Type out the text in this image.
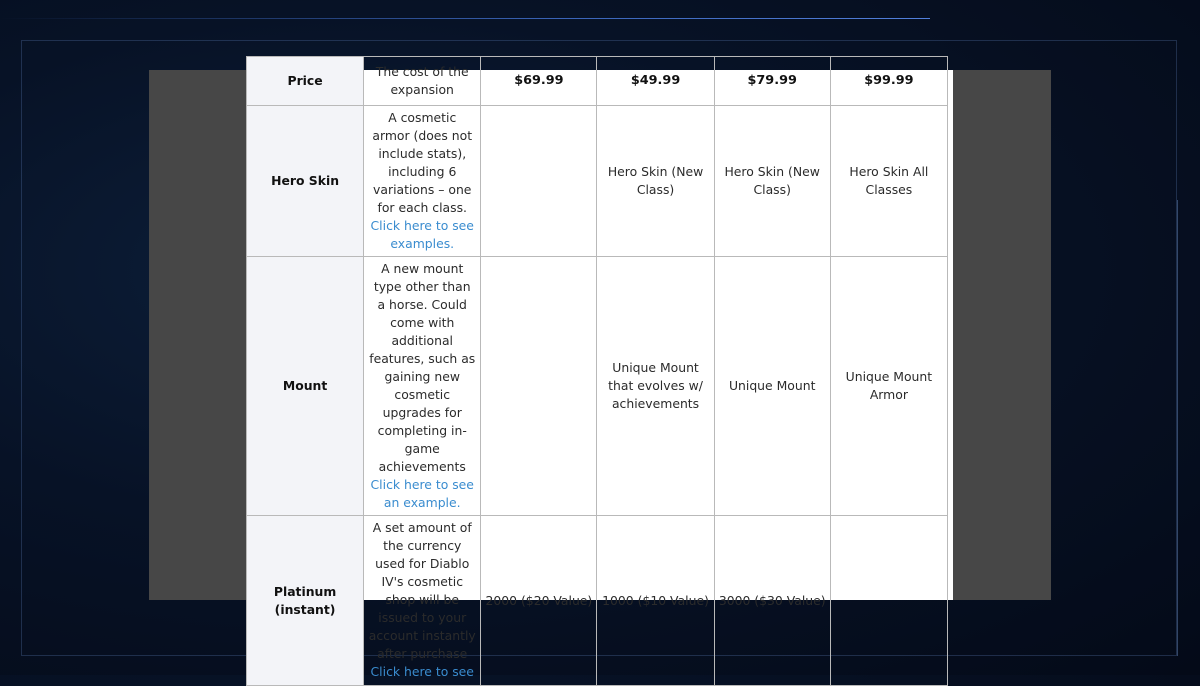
Price	The cost of the expansion	$69.99	$49.99	$79.99	$99.99
Hero Skin	A cosmetic armor (does not include stats), including 6 variations – one for each class.
Click here to see examples.		Hero Skin (New Class)	Hero Skin (New Class)	Hero Skin All Classes
Mount	A new mount type other than a horse. Could come with additional features, such as gaining new cosmetic upgrades for completing in-game achievements
Click here to see an example.		Unique Mount that evolves w/ achievements	Unique Mount	Unique Mount Armor
Platinum (instant)	A set amount of the currency used for Diablo IV's cosmetic shop will be issued to your account instantly after purchase
Click here to see	2000 ($20 Value)	1000 ($10 Value)	3000 ($30 Value)	
